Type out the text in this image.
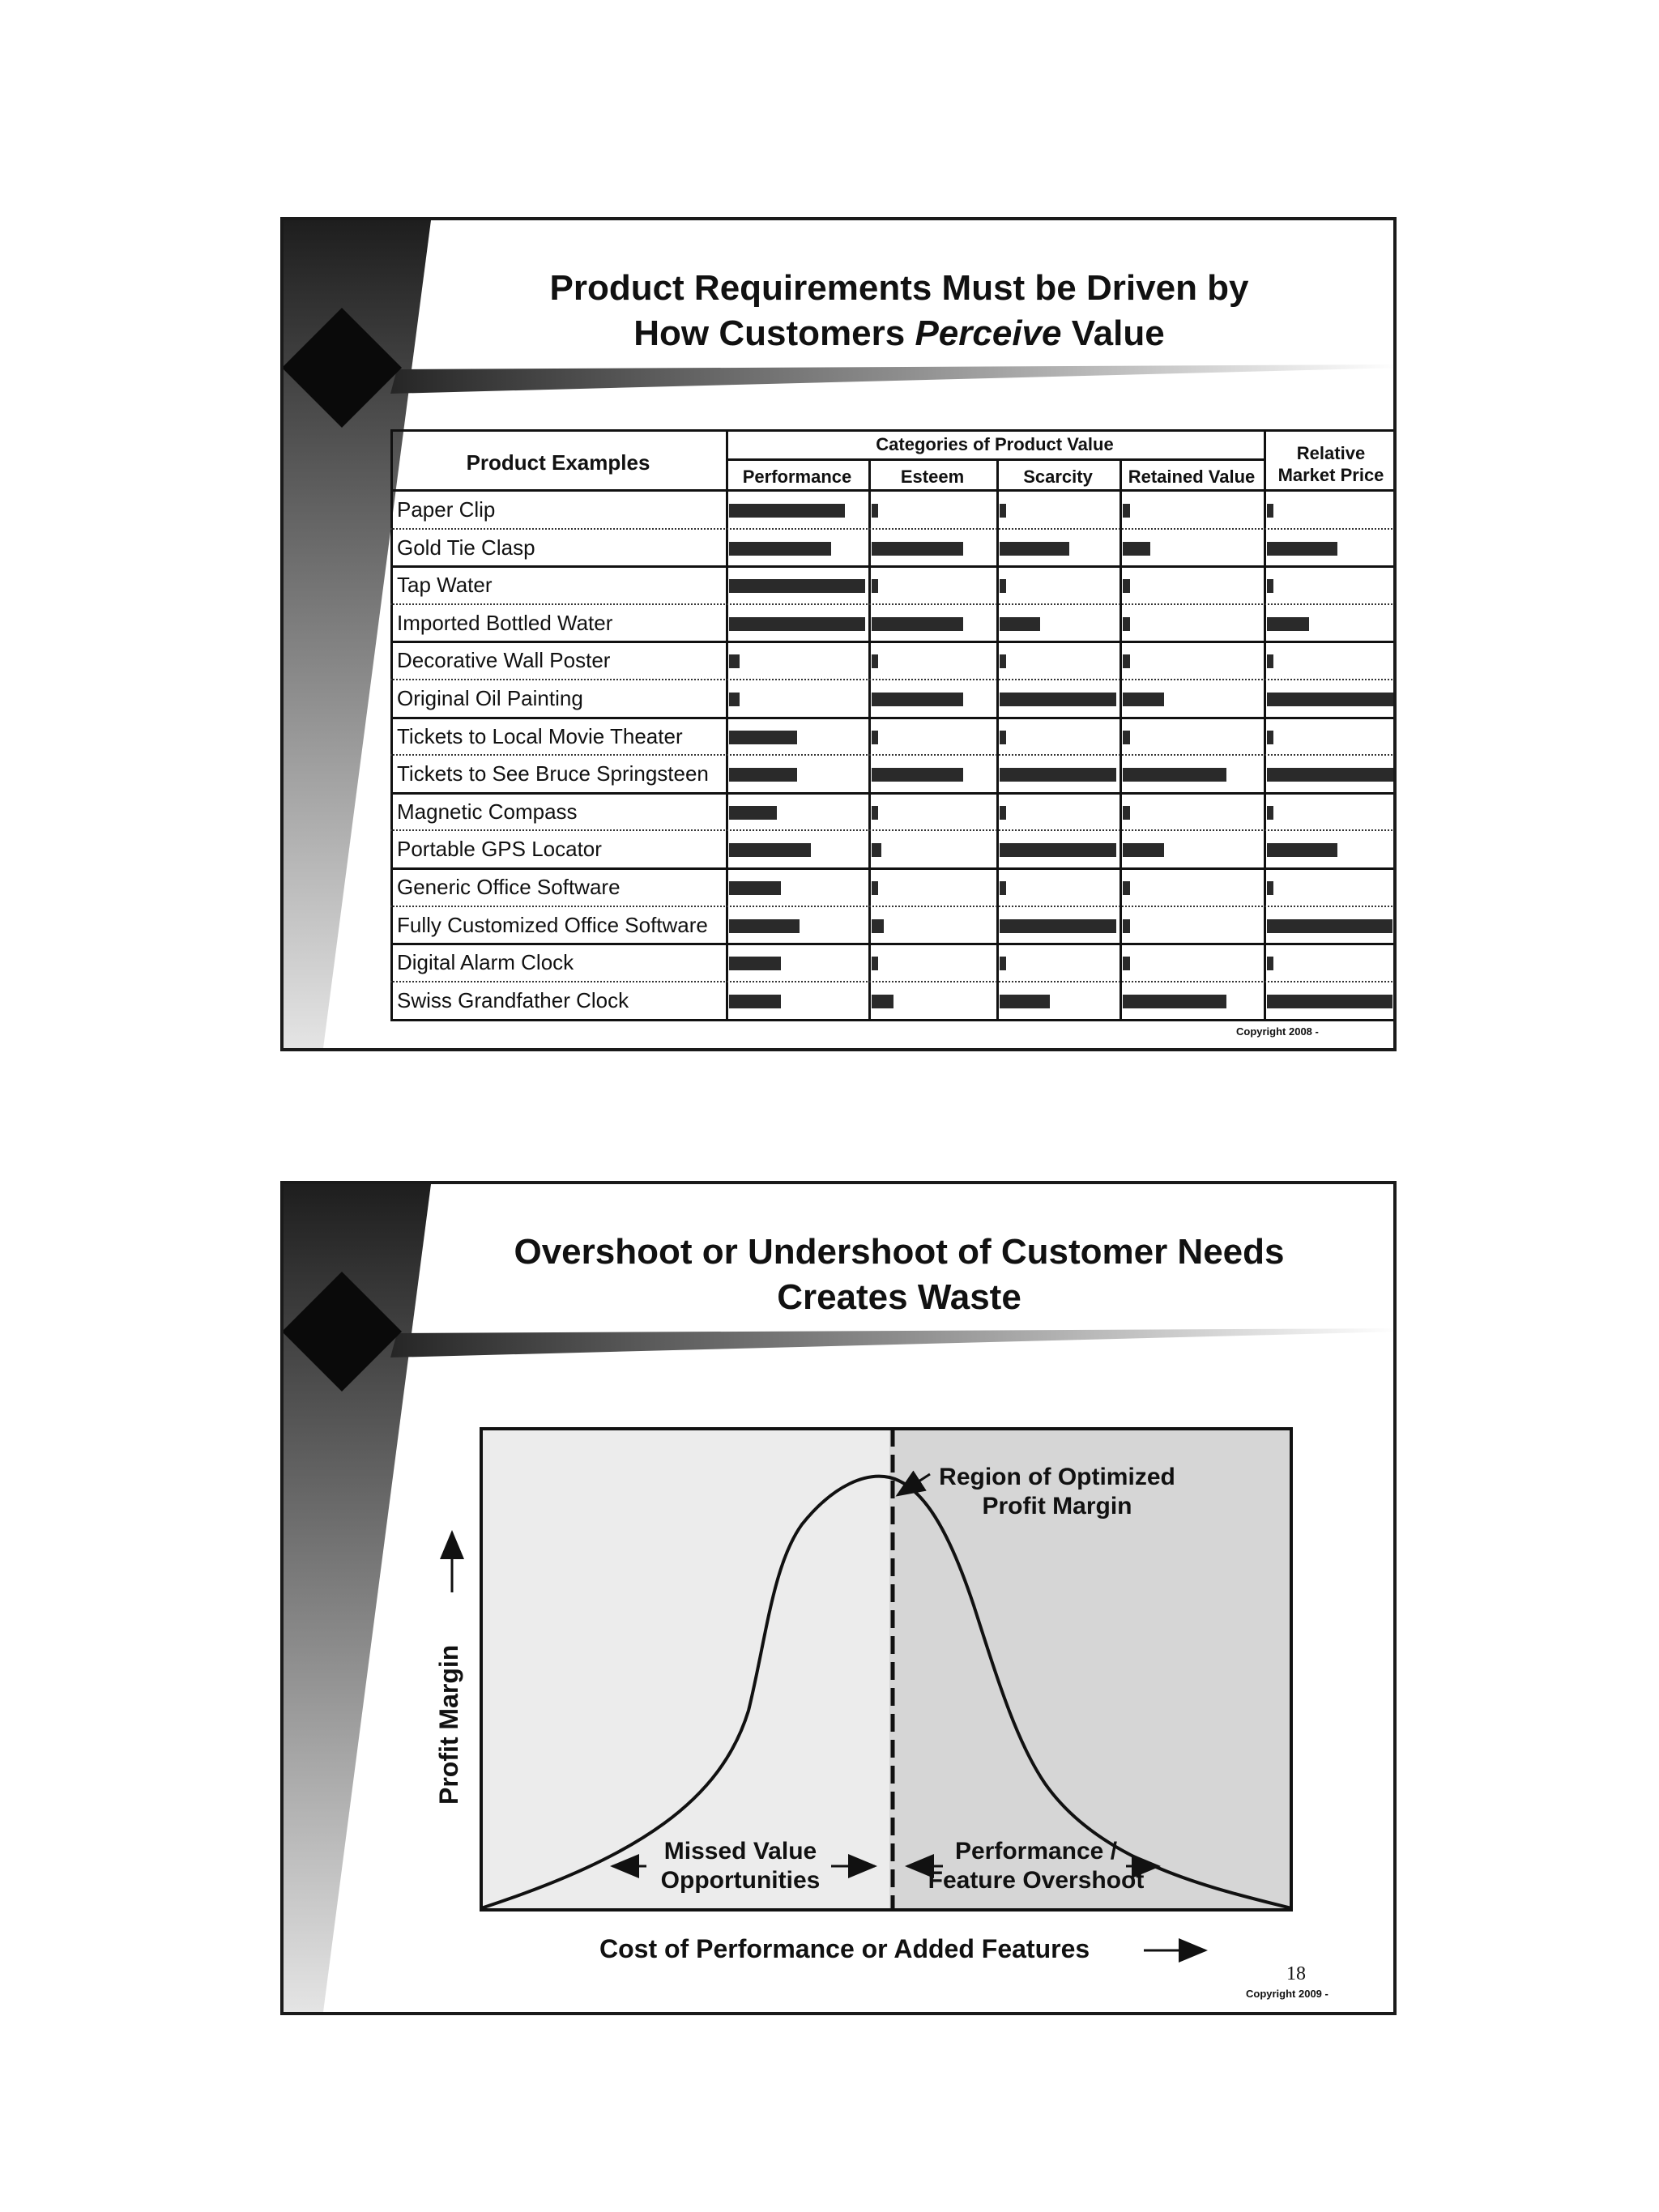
Product Requirements Must be Driven by
How Customers Perceive Value
Product Examples
Categories of Product Value
Performance	Esteem	Scarcity	Retained Value
Relative
Market Price
Paper Clip
Gold Tie Clasp
Tap Water
Imported Bottled Water
Decorative Wall Poster
Original Oil Painting
Tickets to Local Movie Theater
Tickets to See Bruce Springsteen
Magnetic Compass
Portable GPS Locator
Generic Office Software
Fully Customized Office Software
Digital Alarm Clock
Swiss Grandfather Clock
Copyright 2008 -
Overshoot or Undershoot of Customer Needs
Creates Waste
Profit Margin
Cost of Performance or Added Features
Region of Optimized
Profit Margin
Missed Value
Opportunities
Performance /
Feature Overshoot
18
Copyright 2009 -
